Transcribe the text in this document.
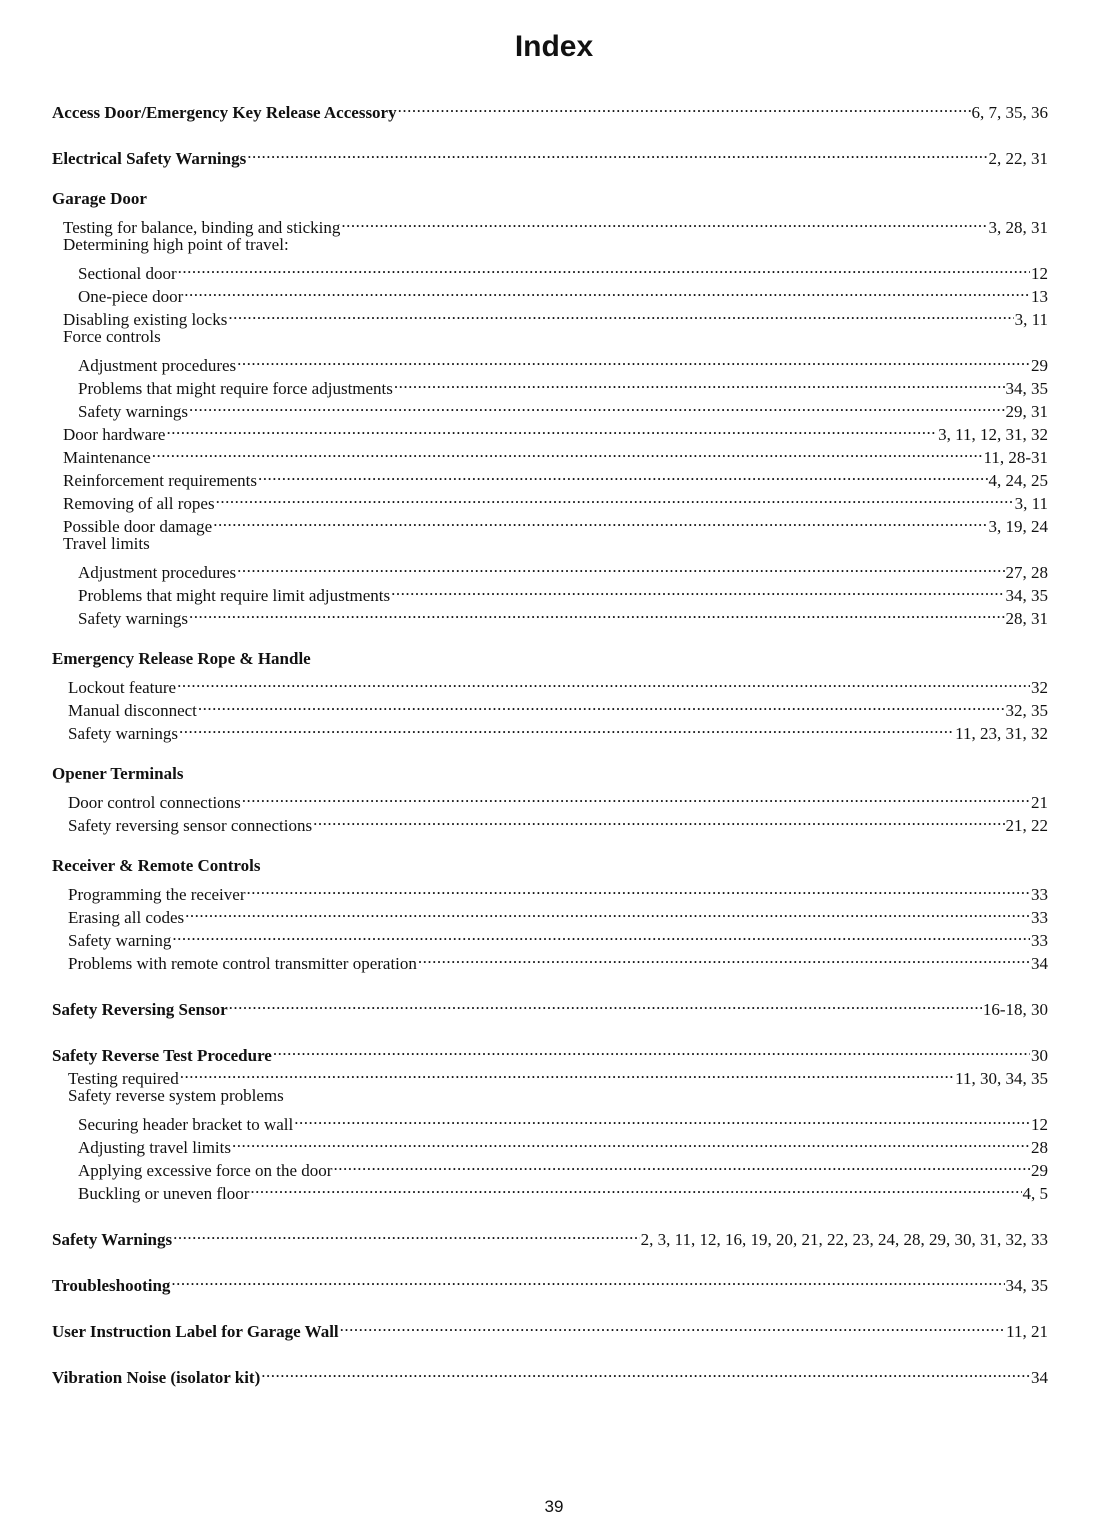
Index
Access Door/Emergency Key Release Accessory .....	6, 7, 35, 36
Electrical Safety Warnings .....	2, 22, 31
Garage Door
Testing for balance, binding and sticking .....	3, 28, 31
Determining high point of travel:
Sectional door .....	12
One-piece door .....	13
Disabling existing locks .....	3, 11
Force controls
Adjustment procedures .....	29
Problems that might require force adjustments .....	34, 35
Safety warnings .....	29, 31
Door hardware .....	3, 11, 12, 31, 32
Maintenance .....	11, 28-31
Reinforcement requirements .....	4, 24, 25
Removing of all ropes .....	3, 11
Possible door damage .....	3, 19, 24
Travel limits
Adjustment procedures .....	27, 28
Problems that might require limit adjustments .....	34, 35
Safety warnings .....	28, 31
Emergency Release Rope & Handle
Lockout feature .....	32
Manual disconnect .....	32, 35
Safety warnings .....	11, 23, 31, 32
Opener Terminals
Door control connections .....	21
Safety reversing sensor connections .....	21, 22
Receiver & Remote Controls
Programming the receiver .....	33
Erasing all codes .....	33
Safety warning .....	33
Problems with remote control transmitter operation .....	34
Safety Reversing Sensor .....	16-18, 30
Safety Reverse Test Procedure .....	30
Testing required .....	11, 30, 34, 35
Safety reverse system problems
Securing header bracket to wall .....	12
Adjusting travel limits .....	28
Applying excessive force on the door .....	29
Buckling or uneven floor .....	4, 5
Safety Warnings .....	2, 3, 11, 12, 16, 19, 20, 21, 22, 23, 24, 28, 29, 30, 31, 32, 33
Troubleshooting .....	34, 35
User Instruction Label for Garage Wall .....	11, 21
Vibration Noise (isolator kit) .....	34
39
